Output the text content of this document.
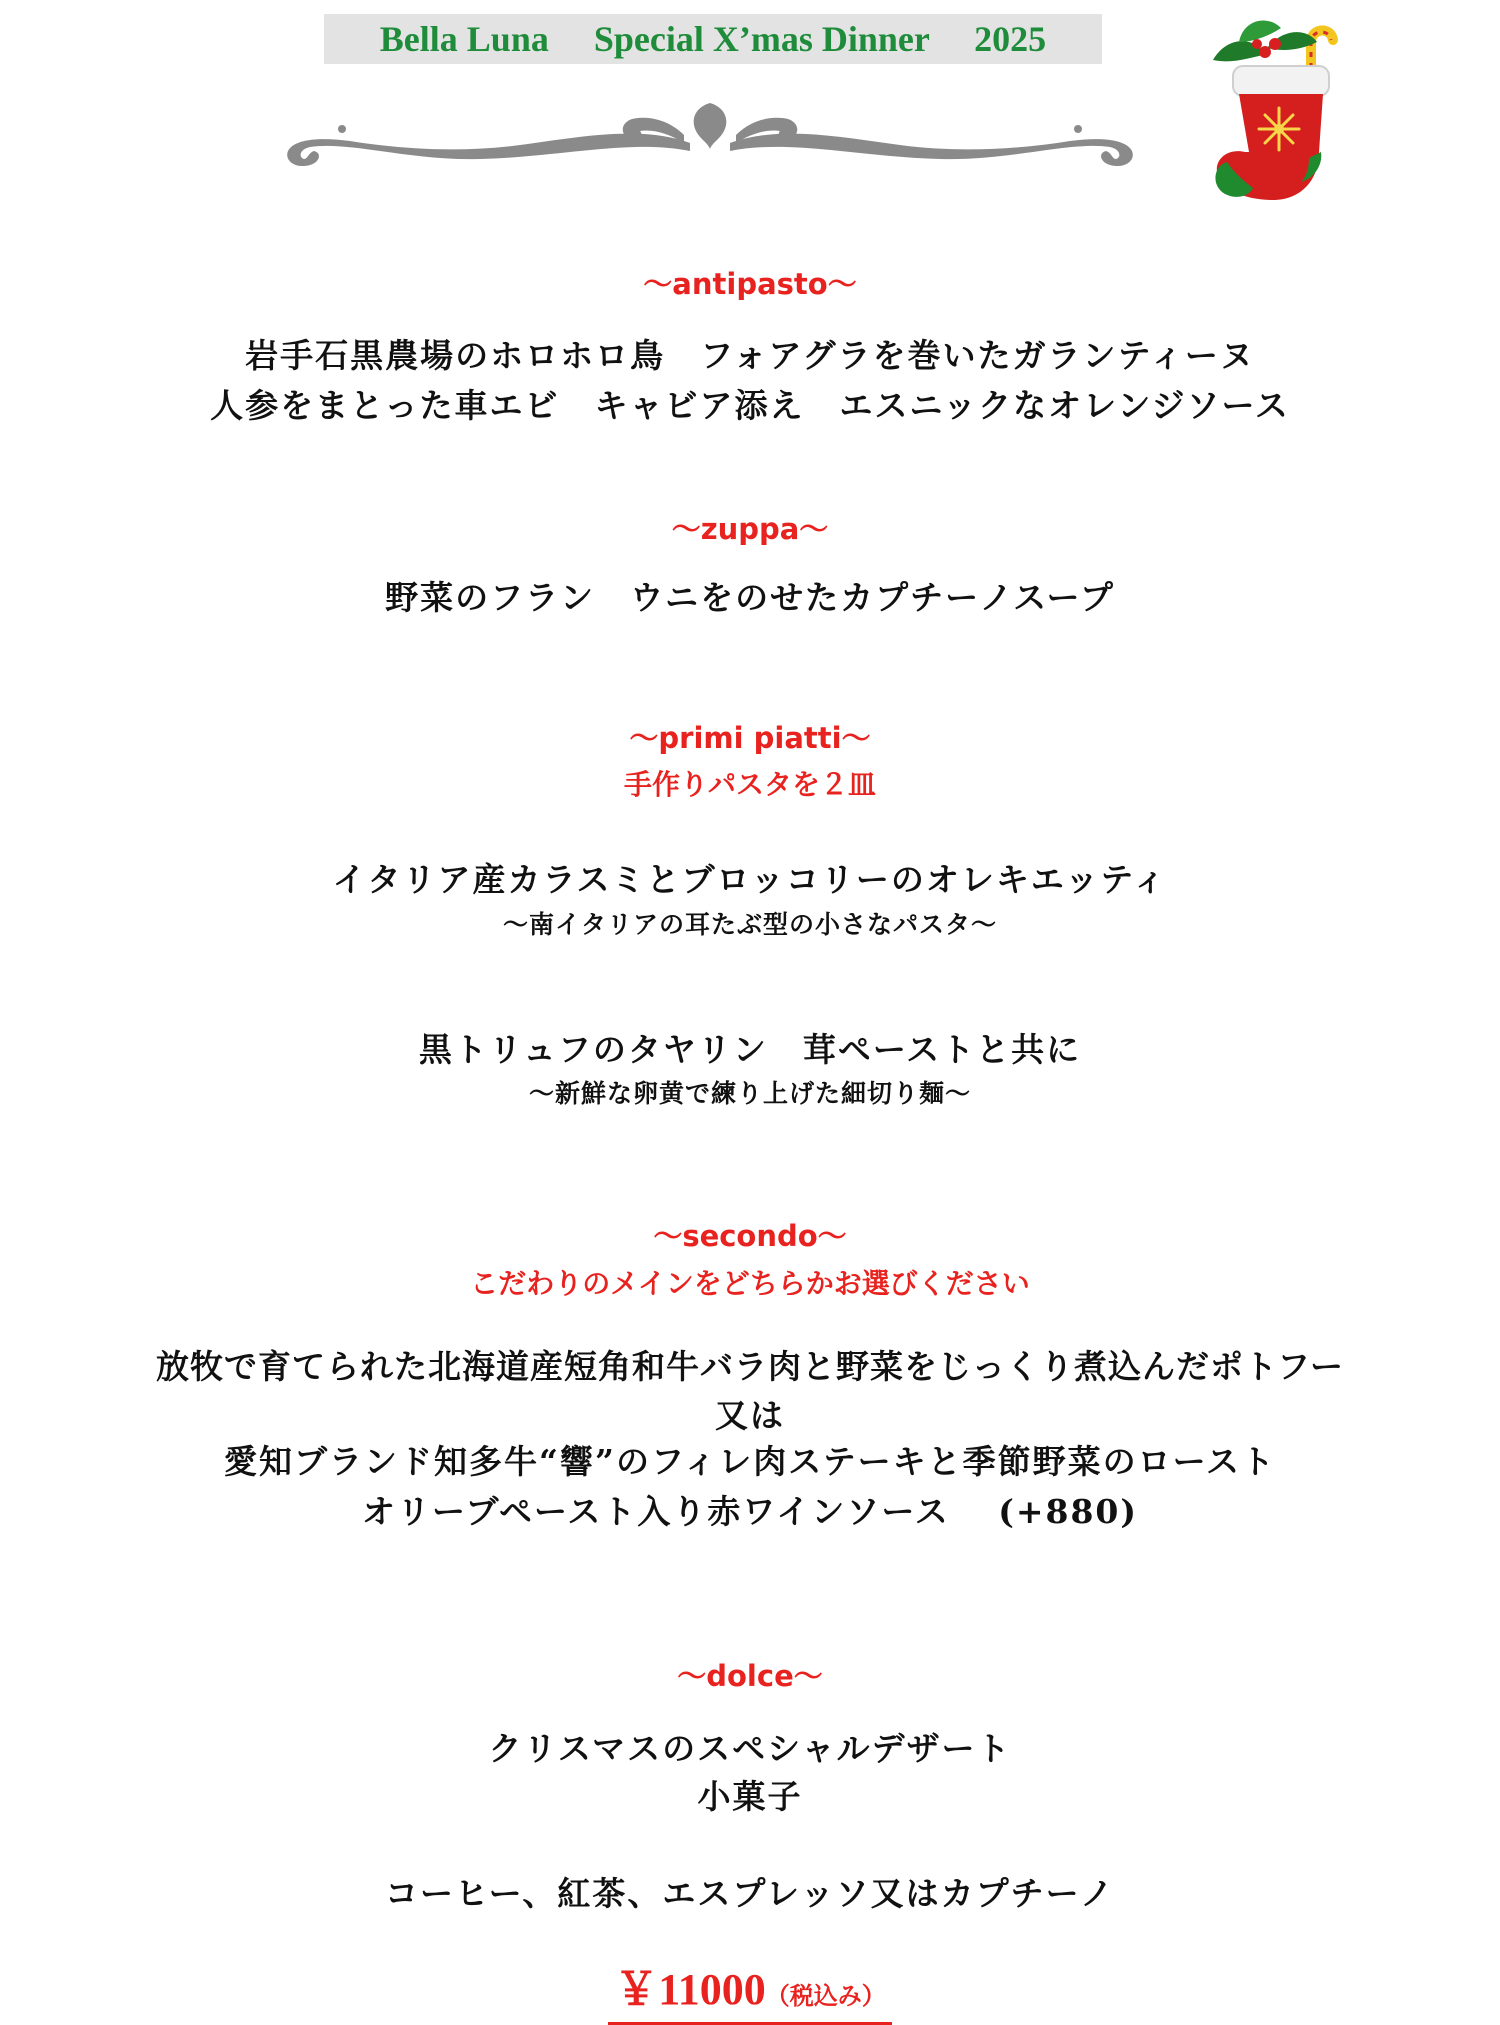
Bella Luna　 Special X’mas Dinner　 2025
～antipasto～
岩手石黒農場のホロホロ鳥　フォアグラを巻いたガランティーヌ
人参をまとった車エビ　キャビア添え　エスニックなオレンジソース
～zuppa～
野菜のフラン　ウニをのせたカプチーノスープ
～primi piatti～
手作りパスタを２皿
イタリア産カラスミとブロッコリーのオレキエッティ
～南イタリアの耳たぶ型の小さなパスタ～
黒トリュフのタヤリン　茸ペーストと共に
～新鮮な卵黄で練り上げた細切り麺～
～secondo～
こだわりのメインをどちらかお選びください
放牧で育てられた北海道産短角和牛バラ肉と野菜をじっくり煮込んだポトフー
又は
愛知ブランド知多牛“響”のフィレ肉ステーキと季節野菜のロースト
オリーブペースト入り赤ワインソース　 (+880)
～dolce～
クリスマスのスペシャルデザート
小菓子
コーヒー、紅茶、エスプレッソ又はカプチーノ
￥11000（税込み）
